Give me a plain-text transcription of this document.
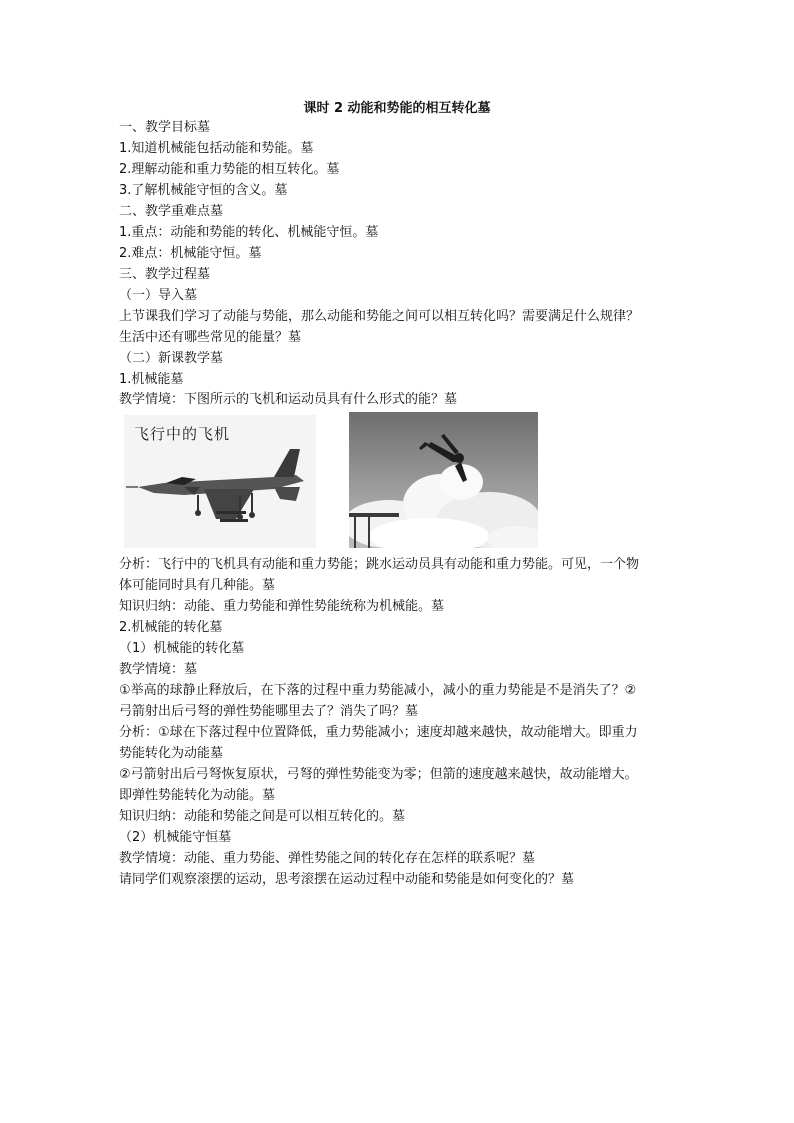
课时 2 动能和势能的相互转化墓
一、教学目标墓
1.知道机械能包括动能和势能。墓
2.理解动能和重力势能的相互转化。墓
3.了解机械能守恒的含义。墓
二、教学重难点墓
1.重点：动能和势能的转化、机械能守恒。墓
2.难点：机械能守恒。墓
三、教学过程墓
（一）导入墓
上节课我们学习了动能与势能，那么动能和势能之间可以相互转化吗？需要满足什么规律？
生活中还有哪些常见的能量？墓
（二）新课教学墓
1.机械能墓
教学情境：下图所示的飞机和运动员具有什么形式的能？墓
飞行中的飞机
分析：飞行中的飞机具有动能和重力势能；跳水运动员具有动能和重力势能。可见，一个物
体可能同时具有几种能。墓
知识归纳：动能、重力势能和弹性势能统称为机械能。墓
2.机械能的转化墓
（1）机械能的转化墓
教学情境：墓
①举高的球静止释放后，在下落的过程中重力势能减小，减小的重力势能是不是消失了？②
弓箭射出后弓弩的弹性势能哪里去了？消失了吗？墓
分析：①球在下落过程中位置降低，重力势能减小；速度却越来越快，故动能增大。即重力
势能转化为动能墓
②弓箭射出后弓弩恢复原状，弓弩的弹性势能变为零；但箭的速度越来越快，故动能增大。
即弹性势能转化为动能。墓
知识归纳：动能和势能之间是可以相互转化的。墓
（2）机械能守恒墓
教学情境：动能、重力势能、弹性势能之间的转化存在怎样的联系呢？墓
请同学们观察滚摆的运动，思考滚摆在运动过程中动能和势能是如何变化的？墓
